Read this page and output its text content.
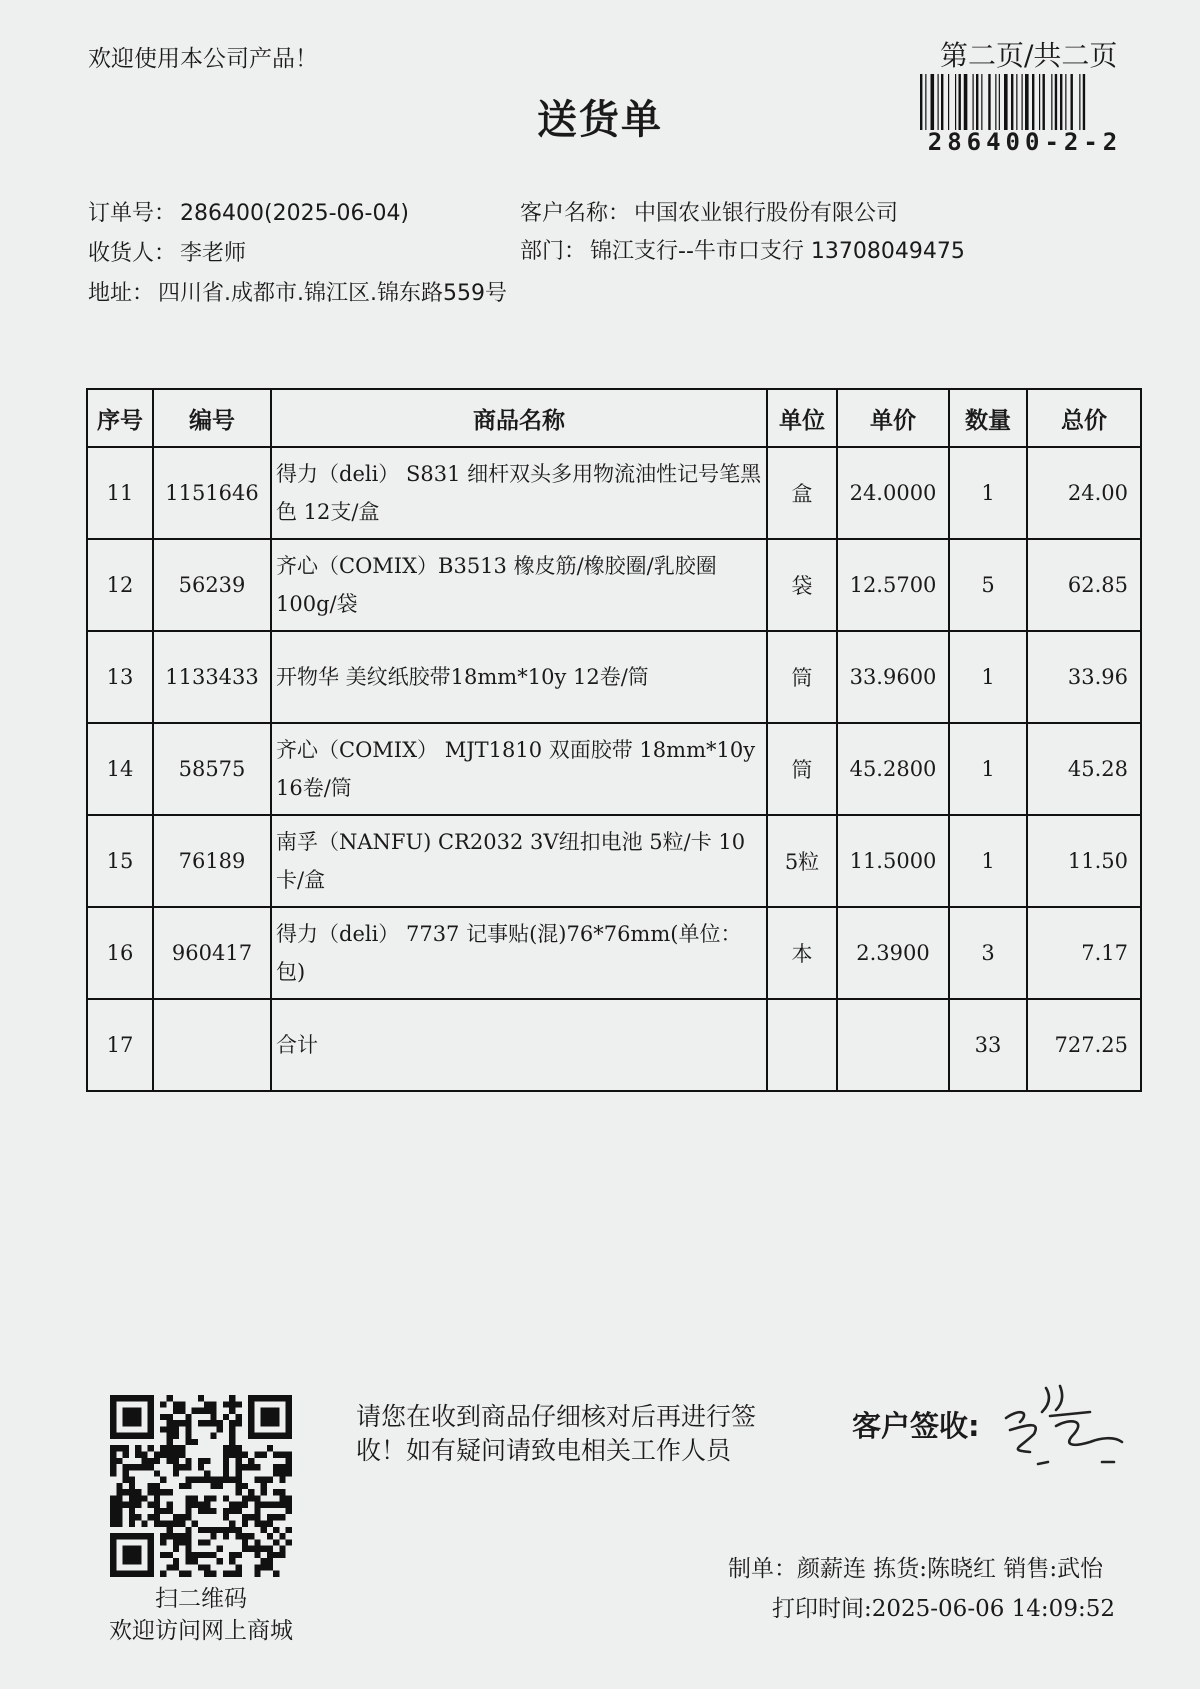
欢迎使用本公司产品！	第二页/共二页
送货单	286400-2-2
订单号： 286400(2025-06-04)
收货人： 李老师
地址： 四川省.成都市.锦江区.锦东路559号
客户名称： 中国农业银行股份有限公司
部门： 锦江支行--牛市口支行 13708049475
序号	编号	商品名称	单位	单价	数量	总价
11	1151646	得力（deli） S831 细杆双头多用物流油性记号笔黑色 12支/盒	盒	24.0000	1	24.00
12	56239	齐心（COMIX）B3513 橡皮筋/橡胶圈/乳胶圈100g/袋	袋	12.5700	5	62.85
13	1133433	开物华 美纹纸胶带18mm*10y 12卷/筒	筒	33.9600	1	33.96
14	58575	齐心（COMIX） MJT1810 双面胶带 18mm*10y 16卷/筒	筒	45.2800	1	45.28
15	76189	南孚（NANFU) CR2032 3V纽扣电池 5粒/卡 10卡/盒	5粒	11.5000	1	11.50
16	960417	得力（deli） 7737 记事贴(混)76*76mm(单位：包)	本	2.3900	3	7.17
17		合计			33	727.25
扫二维码
欢迎访问网上商城
请您在收到商品仔细核对后再进行签收！如有疑问请致电相关工作人员
客户签收:
制单：颜薪连 拣货:陈晓红 销售:武怡
打印时间:2025-06-06 14:09:52
